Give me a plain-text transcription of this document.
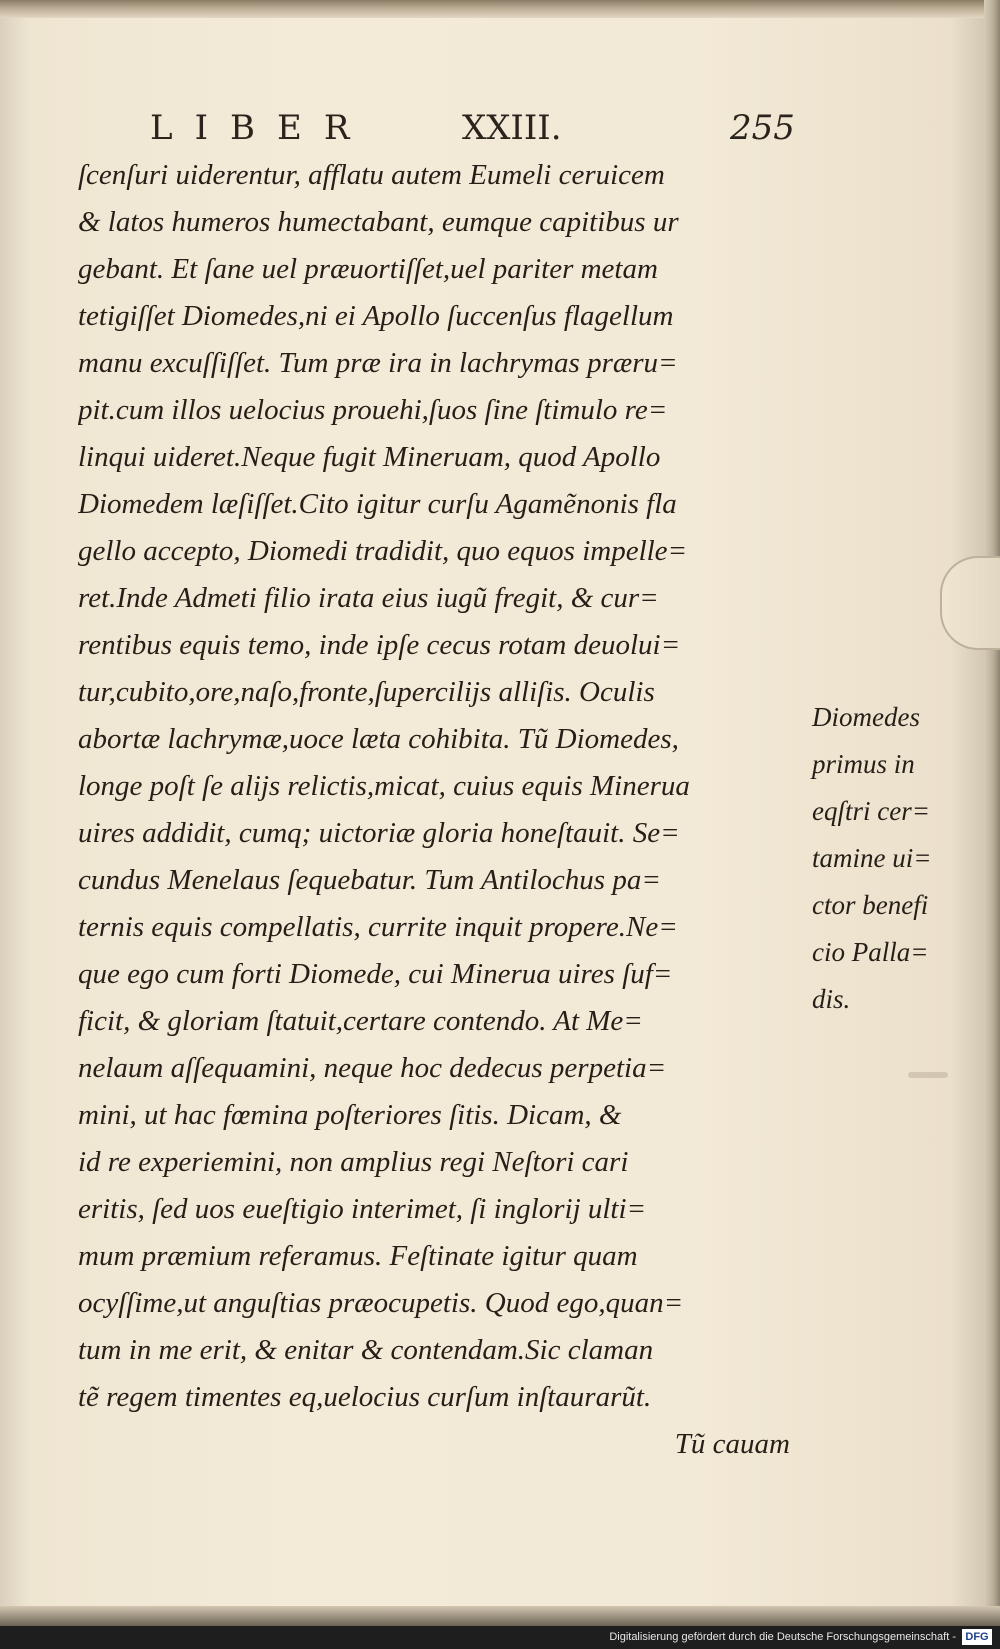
LIBER	XXIII.	255
ſcenſuri uiderentur, afflatu autem Eumeli ceruicem
& latos humeros humectabant, eumque capitibus ur
gebant. Et ſane uel præuortiſſet,uel pariter metam
tetigiſſet Diomedes,ni ei Apollo ſuccenſus flagellum
manu excuſſiſſet. Tum præ ira in lachrymas præru=
pit.cum illos uelocius prouehi,ſuos ſine ſtimulo re=
linqui uideret.Neque fugit Mineruam, quod Apollo
Diomedem læſiſſet.Cito igitur curſu Agamẽnonis fla
gello accepto, Diomedi tradidit, quo equos impelle=
ret.Inde Admeti filio irata eius iugũ fregit, & cur=
rentibus equis temo, inde ipſe cecus rotam deuolui=
tur,cubito,ore,naſo,fronte,ſupercilijs alliſis. Oculis
abortæ lachrymæ,uoce læta cohibita. Tũ Diomedes,
longe poſt ſe alijs relictis,micat, cuius equis Minerua
uires addidit, cumq; uictoriæ gloria honeſtauit. Se=
cundus Menelaus ſequebatur. Tum Antilochus pa=
ternis equis compellatis, currite inquit propere.Ne=
que ego cum forti Diomede, cui Minerua uires ſuf=
ficit, & gloriam ſtatuit,certare contendo. At Me=
nelaum aſſequamini, neque hoc dedecus perpetia=
mini, ut hac fœmina poſteriores ſitis. Dicam, &
id re experiemini, non amplius regi Neſtori cari
eritis, ſed uos eueſtigio interimet, ſi inglorij ulti=
mum præmium referamus. Feſtinate igitur quam
ocyſſime,ut anguſtias præocupetis. Quod ego,quan=
tum in me erit, & enitar & contendam.Sic claman
tẽ regem timentes eq,uelocius curſum inſtaurarũt.
Tũ cauam
Diomedes
primus in
eqſtri cer=
tamine ui=
ctor benefi
cio Palla=
dis.
Digitalisierung gefördert durch die Deutsche Forschungsgemeinschaft - DFG
